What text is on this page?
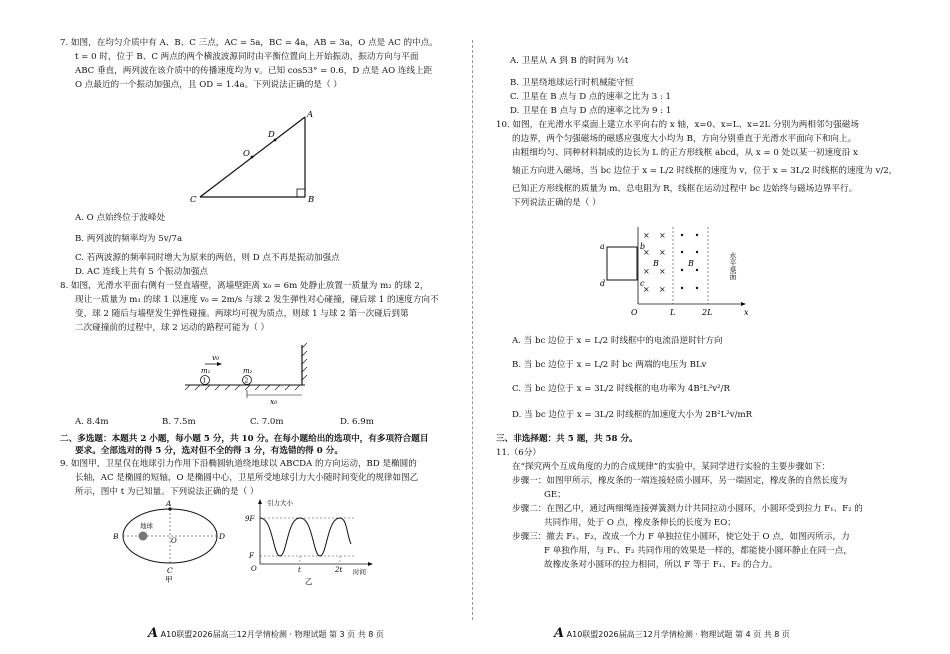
7. 如图，在均匀介质中有 A、B、C 三点，AC = 5a，BC = 4a，AB = 3a，O 点是 AC 的中点。
t = 0 时，位于 B、C 两点的两个横波波源同时由平衡位置向上开始振动，振动方向与平面
ABC 垂直，两列波在该介质中的传播速度均为 v。已知 cos53° = 0.6，D 点是 AO 连线上距
O 点最近的一个振动加强点，且 OD = 1.4a。下列说法正确的是（ ）
A
B
C
D
O
A. O 点始终位于波峰处
B. 两列波的频率均为 5v/7a
C. 若两波源的频率同时增大为原来的两倍，则 D 点不再是振动加强点
D. AC 连线上共有 5 个振动加强点
8. 如图，光滑水平面右侧有一竖直墙壁，离墙壁距离 x₀ = 6m 处静止放置一质量为 m₂ 的球 2，
现让一质量为 m₁ 的球 1 以速度 v₀ = 2m/s 与球 2 发生弹性对心碰撞，碰后球 1 的速度方向不
变，球 2 随后与墙壁发生弹性碰撞。两球均可视为质点，则球 1 与球 2 第一次碰后到第
二次碰撞前的过程中，球 2 运动的路程可能为（ ）
1	2
v₀
m₁	m₂
x₀
A. 8.4m	B. 7.5m	C. 7.0m	D. 6.9m
二、多选题：本题共 2 小题，每小题 5 分，共 10 分。在每小题给出的选项中，有多项符合题目
要求。全部选对的得 5 分，选对但不全的得 3 分，有选错的得 0 分。
9. 如图甲，卫星仅在地球引力作用下沿椭圆轨道绕地球以 ABCDA 的方向运动，BD 是椭圆的
长轴，AC 是椭圆的短轴，O 是椭圆中心，卫星所受地球引力大小随时间变化的规律如图乙
所示，图中 t 为已知量。下列说法正确的是（ ）
A
B
C
D
O
地球
甲
引力大小
9F
F
O	t	2t 时间
乙
A A10联盟2026届高三12月学情检测 · 物理试题 第 3 页 共 8 页
A. 卫星从 A 到 B 的时间为 ½t
B. 卫星绕地球运行时机械能守恒
C. 卫星在 B 点与 D 点的速率之比为 3 : 1
D. 卫星在 B 点与 D 点的速率之比为 9 : 1
10. 如图，在光滑水平桌面上建立水平向右的 x 轴，x=0、x=L、x=2L 分别为两相邻匀强磁场
的边界，两个匀强磁场的磁感应强度大小均为 B，方向分别垂直于光滑水平面向下和向上。
由粗细均匀、同种材料制成的边长为 L 的正方形线框 abcd，从 x = 0 处以某一初速度沿 x
轴正方向进入磁场，当 bc 边位于 x = L/2 时线框的速度为 v，位于 x = 3L/2 时线框的速度为 v/2，
已知正方形线框的质量为 m、总电阻为 R，线框在运动过程中 bc 边始终与磁场边界平行。
下列说法正确的是（ ）
× ×
× ×
× ×
× ×
B	B
a	b
c
d
O	L	2L	x
水平桌面
A. 当 bc 边位于 x = L/2 时线框中的电流沿逆时针方向
B. 当 bc 边位于 x = L/2 时 bc 两端的电压为 BLv
C. 当 bc 边位于 x = 3L/2 时线框的电功率为 4B²L²v²/R
D. 当 bc 边位于 x = 3L/2 时线框的加速度大小为 2B²L²v/mR
三、非选择题：共 5 题，共 58 分。
11.（6分）
在“探究两个互成角度的力的合成规律”的实验中，某同学进行实验的主要步骤如下：
步骤一：如图甲所示，橡皮条的一端连接轻质小圆环，另一端固定，橡皮条的自然长度为
GE；
步骤二：在图乙中，通过两细绳连接弹簧测力计共同拉动小圆环，小圆环受到拉力 F₁、F₂ 的
共同作用，处于 O 点，橡皮条伸长的长度为 EO；
步骤三：撤去 F₁、F₂，改成一个力 F 单独拉住小圆环，使它处于 O 点，如图丙所示，力
F 单独作用，与 F₁、F₂ 共同作用的效果是一样的，都能使小圆环静止在同一点，
故橡皮条对小圆环的拉力相同，所以 F 等于 F₁、F₂ 的合力。
A A10联盟2026届高三12月学情检测 · 物理试题 第 4 页 共 8 页
